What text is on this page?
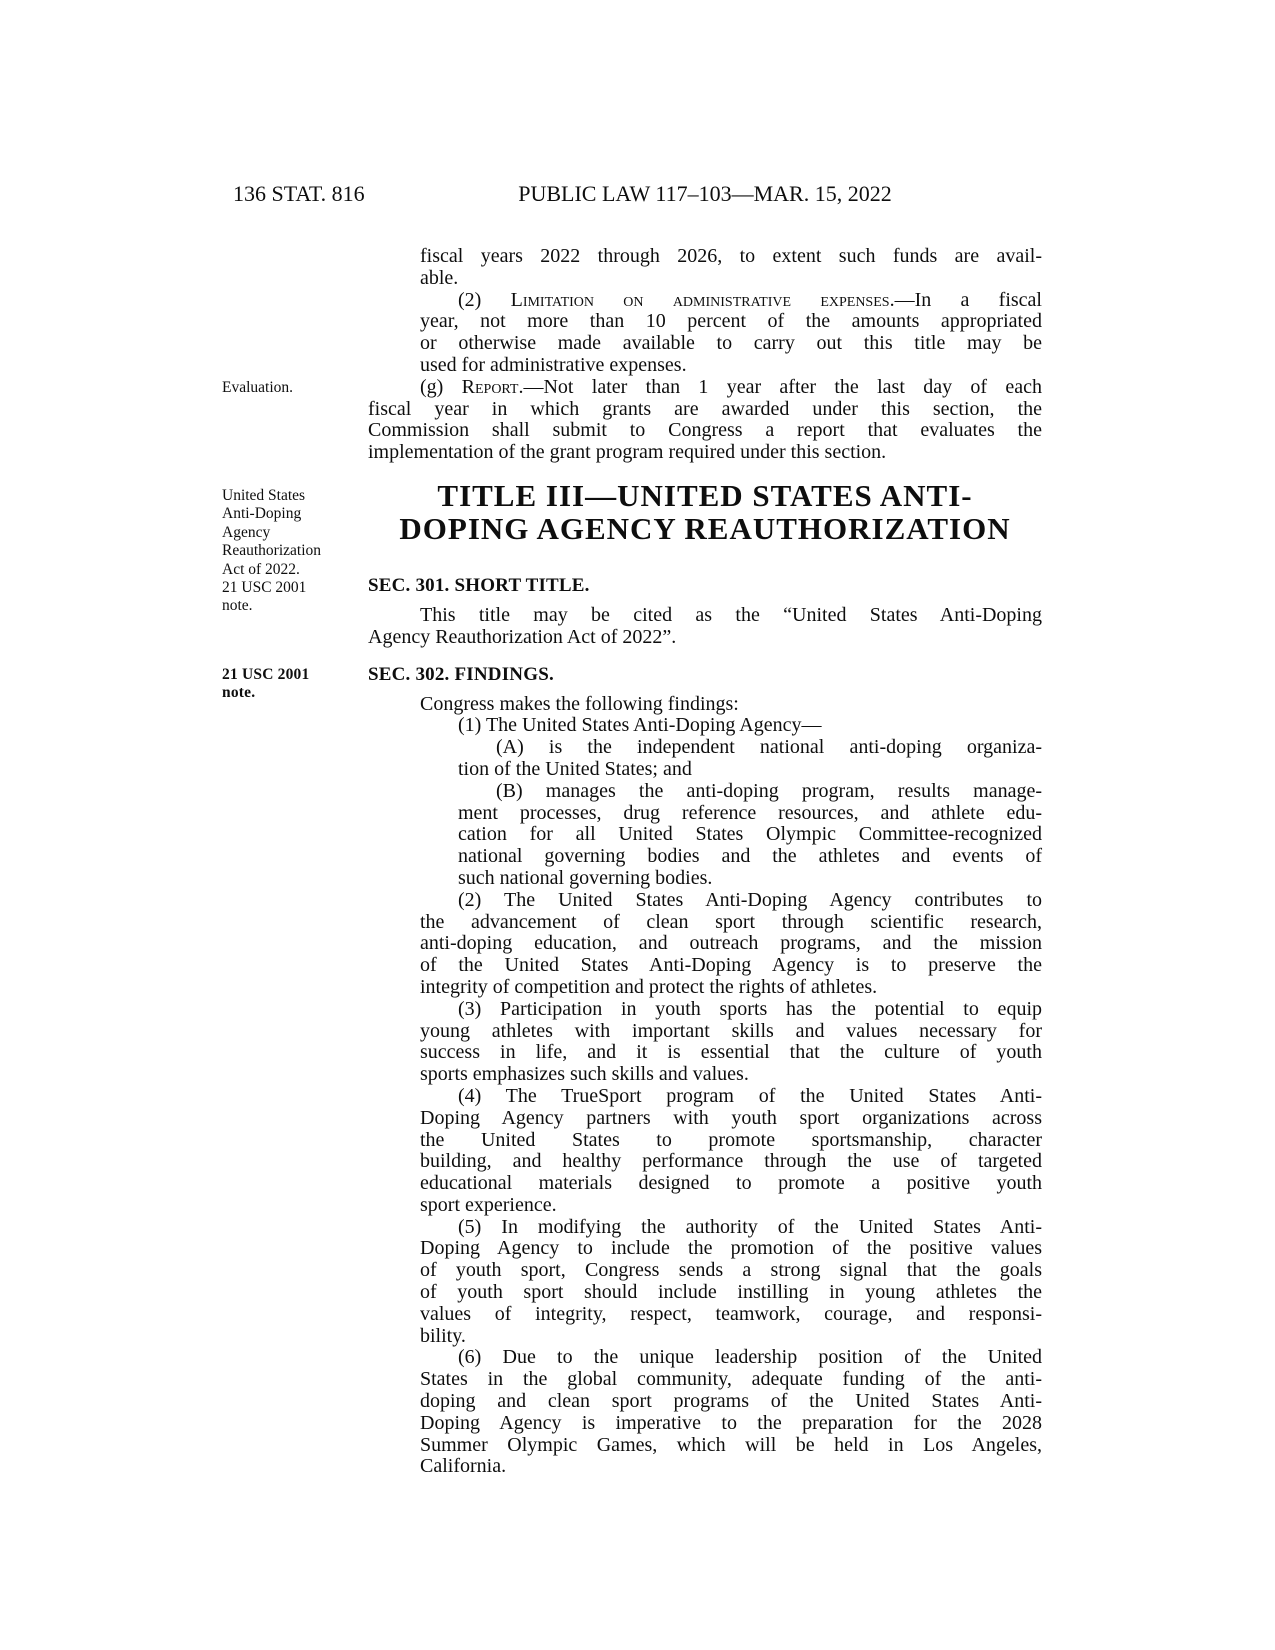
136 STAT. 816	PUBLIC LAW 117–103—MAR. 15, 2022
fiscal years 2022 through 2026, to extent such funds are avail-
able.
(2) Limitation on administrative expenses.—In a fiscal
year, not more than 10 percent of the amounts appropriated
or otherwise made available to carry out this title may be
used for administrative expenses.
Evaluation.	(g) Report.—Not later than 1 year after the last day of each
fiscal year in which grants are awarded under this section, the
Commission shall submit to Congress a report that evaluates the
implementation of the grant program required under this section.
United States
Anti-Doping
Agency
Reauthorization
Act of 2022.
21 USC 2001
note.
TITLE III—UNITED STATES ANTI-
DOPING AGENCY REAUTHORIZATION
SEC. 301. SHORT TITLE.
This title may be cited as the “United States Anti-Doping
Agency Reauthorization Act of 2022”.
21 USC 2001
note.
SEC. 302. FINDINGS.
Congress makes the following findings:
(1) The United States Anti-Doping Agency—
(A) is the independent national anti-doping organiza-
tion of the United States; and
(B) manages the anti-doping program, results manage-
ment processes, drug reference resources, and athlete edu-
cation for all United States Olympic Committee-recognized
national governing bodies and the athletes and events of
such national governing bodies.
(2) The United States Anti-Doping Agency contributes to
the advancement of clean sport through scientific research,
anti-doping education, and outreach programs, and the mission
of the United States Anti-Doping Agency is to preserve the
integrity of competition and protect the rights of athletes.
(3) Participation in youth sports has the potential to equip
young athletes with important skills and values necessary for
success in life, and it is essential that the culture of youth
sports emphasizes such skills and values.
(4) The TrueSport program of the United States Anti-
Doping Agency partners with youth sport organizations across
the United States to promote sportsmanship, character
building, and healthy performance through the use of targeted
educational materials designed to promote a positive youth
sport experience.
(5) In modifying the authority of the United States Anti-
Doping Agency to include the promotion of the positive values
of youth sport, Congress sends a strong signal that the goals
of youth sport should include instilling in young athletes the
values of integrity, respect, teamwork, courage, and responsi-
bility.
(6) Due to the unique leadership position of the United
States in the global community, adequate funding of the anti-
doping and clean sport programs of the United States Anti-
Doping Agency is imperative to the preparation for the 2028
Summer Olympic Games, which will be held in Los Angeles,
California.
